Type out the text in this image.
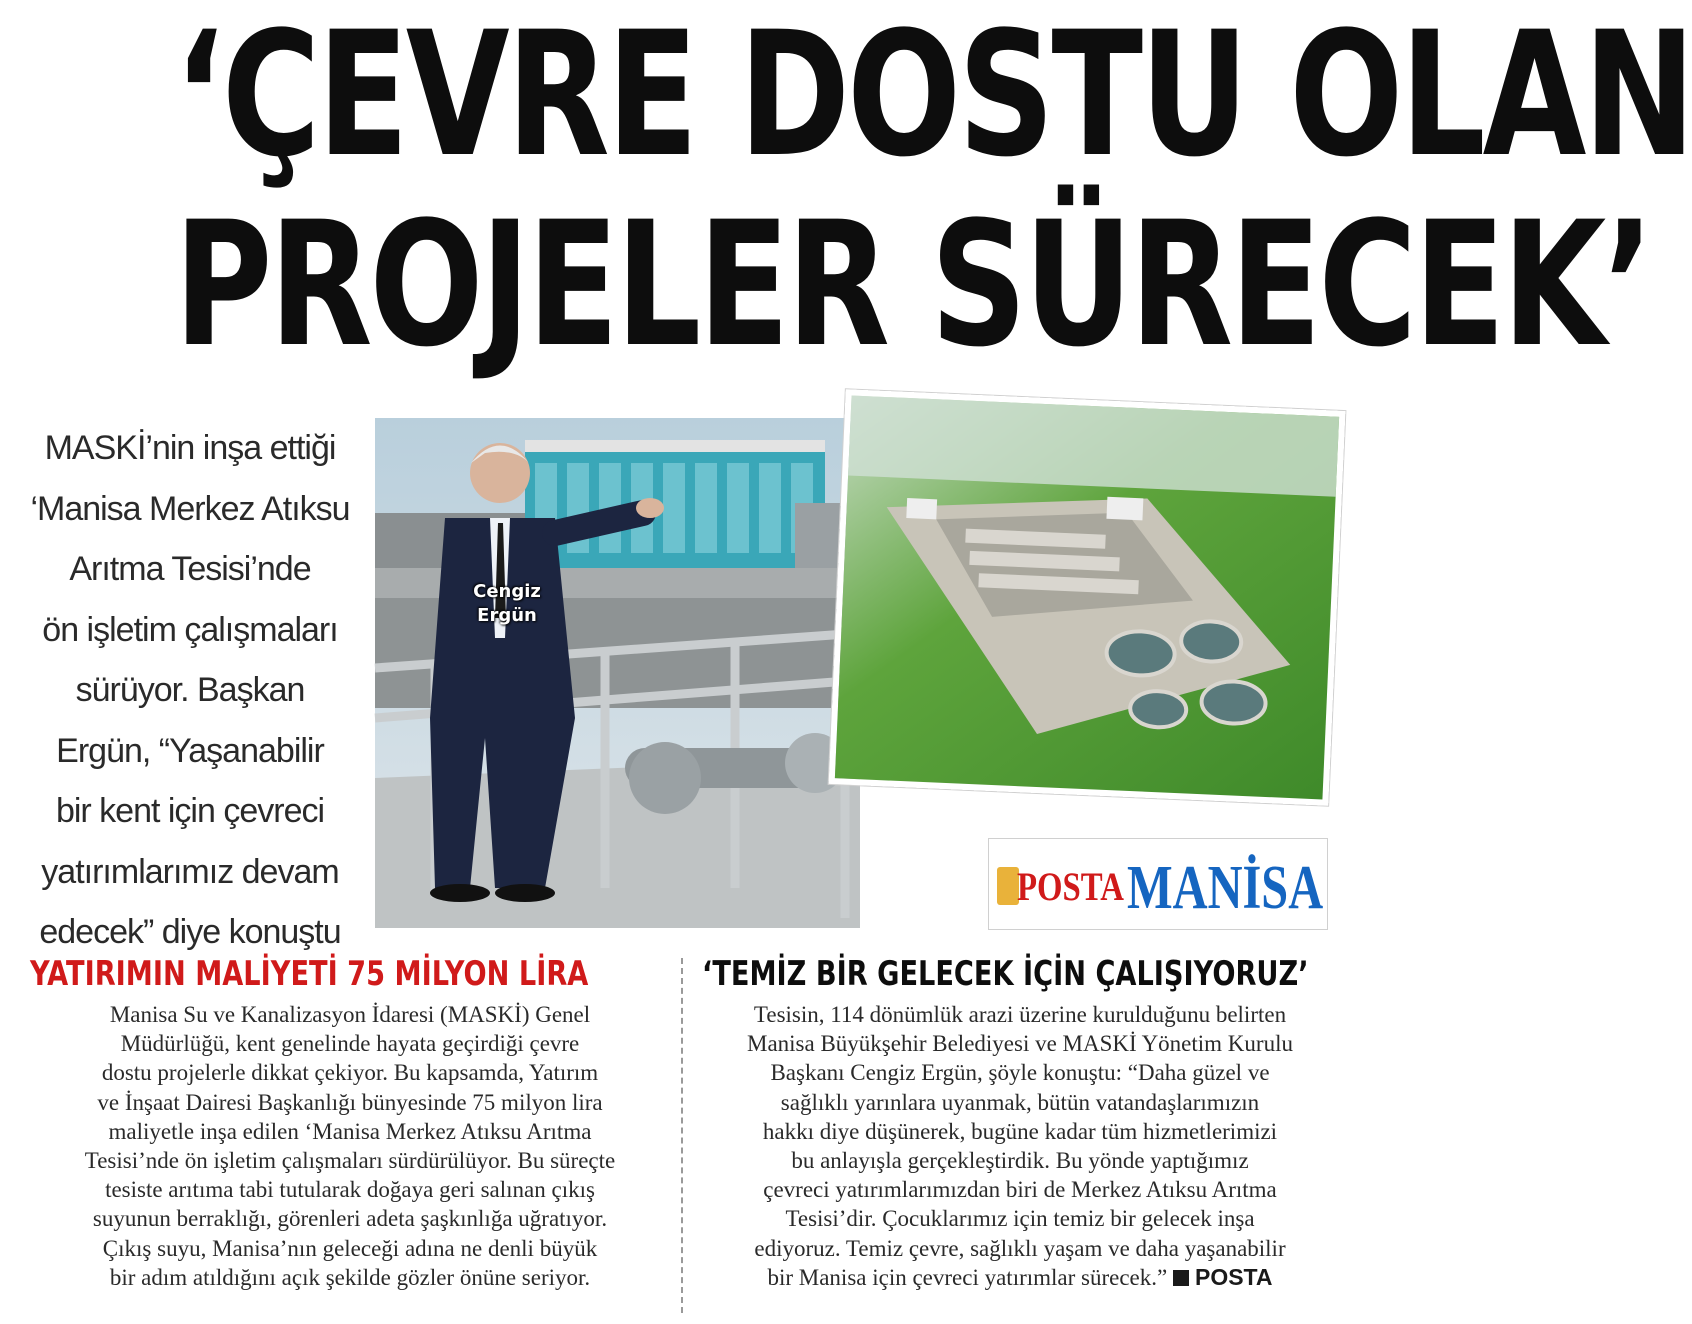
‘ÇEVRE DOSTU OLAN
PROJELER SÜRECEK’
MASKİ’nin inşa ettiği
‘Manisa Merkez Atıksu
Arıtma Tesisi’nde
ön işletim çalışmaları
sürüyor. Başkan
Ergün, “Yaşanabilir
bir kent için çevreci
yatırımlarımız devam
edecek” diye konuştu
Cengiz
Ergün
POSTA MANİSA
YATIRIMIN MALİYETİ 75 MİLYON LİRA	‘TEMİZ BİR GELECEK İÇİN ÇALIŞIYORUZ’
Manisa Su ve Kanalizasyon İdaresi (MASKİ) Genel
Müdürlüğü, kent genelinde hayata geçirdiği çevre
dostu projelerle dikkat çekiyor. Bu kapsamda, Yatırım
ve İnşaat Dairesi Başkanlığı bünyesinde 75 milyon lira
maliyetle inşa edilen ‘Manisa Merkez Atıksu Arıtma
Tesisi’nde ön işletim çalışmaları sürdürülüyor. Bu süreçte
tesiste arıtıma tabi tutularak doğaya geri salınan çıkış
suyunun berraklığı, görenleri adeta şaşkınlığa uğratıyor.
Çıkış suyu, Manisa’nın geleceği adına ne denli büyük
bir adım atıldığını açık şekilde gözler önüne seriyor.
Tesisin, 114 dönümlük arazi üzerine kurulduğunu belirten
Manisa Büyükşehir Belediyesi ve MASKİ Yönetim Kurulu
Başkanı Cengiz Ergün, şöyle konuştu: “Daha güzel ve
sağlıklı yarınlara uyanmak, bütün vatandaşlarımızın
hakkı diye düşünerek, bugüne kadar tüm hizmetlerimizi
bu anlayışla gerçekleştirdik. Bu yönde yaptığımız
çevreci yatırımlarımızdan biri de Merkez Atıksu Arıtma
Tesisi’dir. Çocuklarımız için temiz bir gelecek inşa
ediyoruz. Temiz çevre, sağlıklı yaşam ve daha yaşanabilir
bir Manisa için çevreci yatırımlar sürecek.” POSTA
